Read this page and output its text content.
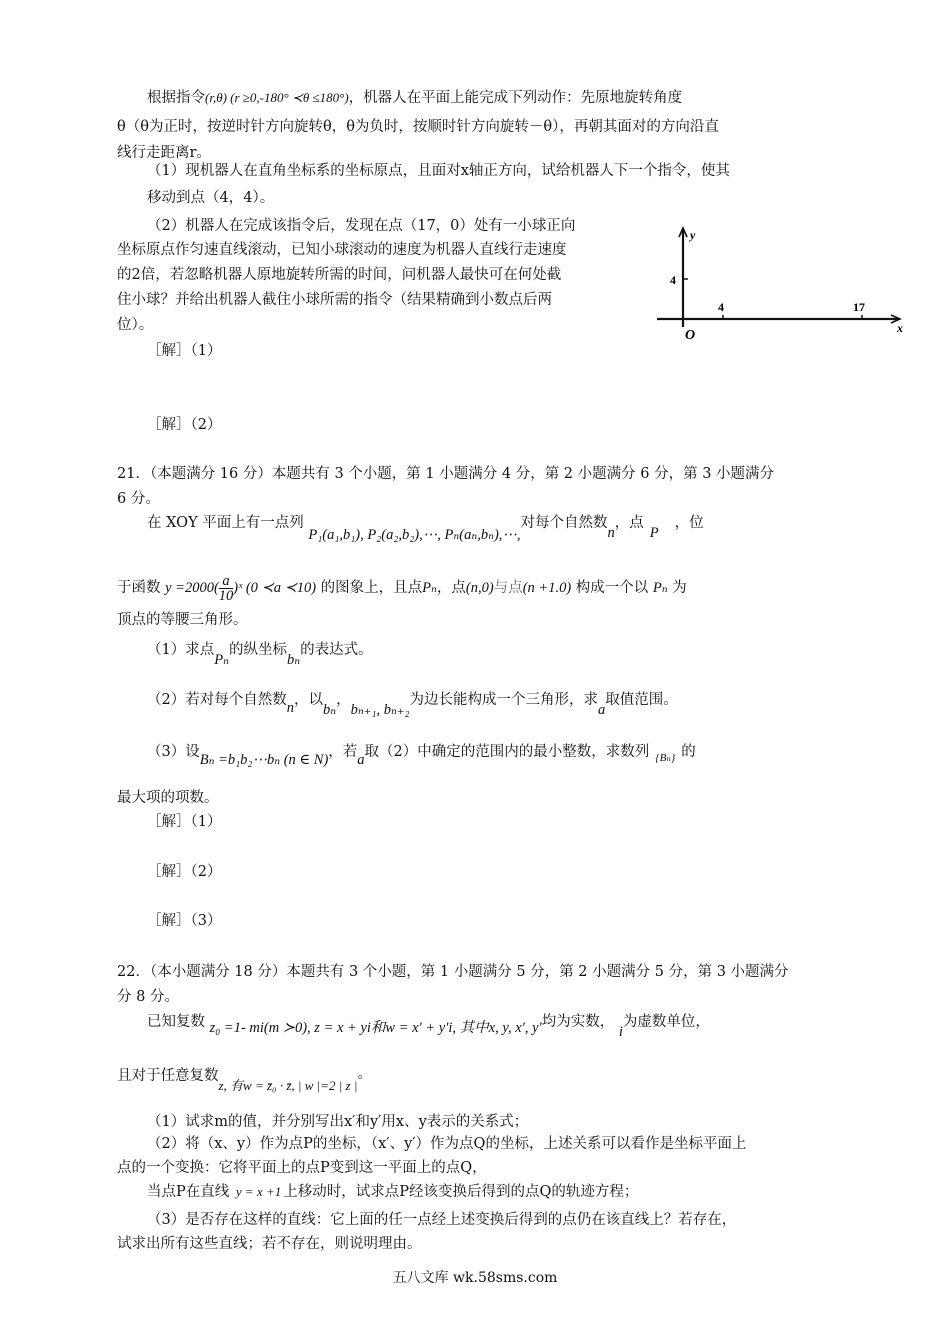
根据指令(r,θ) (r ≥0,-180° ≺θ ≤180°)，机器人在平面上能完成下列动作：先原地旋转角度
θ（θ为正时，按逆时针方向旋转θ，θ为负时，按顺时针方向旋转－θ），再朝其面对的方向沿直
线行走距离r。
（1）现机器人在直角坐标系的坐标原点，且面对x轴正方向，试给机器人下一个指令，使其
移动到点（4，4）。
（2）机器人在完成该指令后，发现在点（17，0）处有一小球正向
坐标原点作匀速直线滚动，已知小球滚动的速度为机器人直线行走速度
的2倍，若忽略机器人原地旋转所需的时间，问机器人最快可在何处截
住小球？并给出机器人截住小球所需的指令（结果精确到小数点后两
位）。
［解］（1）
［解］（2）
y
x
O
4	17
4
21．（本题满分 16 分）本题共有 3 个小题，第 1 小题满分 4 分，第 2 小题满分 6 分，第 3 小题满分
6 分。
在 XOY 平面上有一点列 P₁(a₁,b₁), P₂(a₂,b₂),⋯, Pₙ(aₙ,bₙ),⋯,对每个自然数n，点P，位
于函数 $y =2000( \frac{a}{10}$ )ˣ (0 ≺a ≺10) 的图象上，且点Pₙ，点(n,0)与点(n +1.0) 构成一个以 Pₙ 为
顶点的等腰三角形。
（1）求点Pₙ的纵坐标bₙ的表达式。
（2）若对每个自然数n，以bₙ，bₙ₊₁, bₙ₊₂为边长能构成一个三角形，求a取值范围。
（3）设Bₙ =b₁b₂⋯bₙ (n ∈ N)，若a取（2）中确定的范围内的最小整数，求数列 $_{\{B_n\}}$ 的
最大项的项数。
［解］（1）
［解］（2）
［解］（3）
22．（本小题满分 18 分）本题共有 3 个小题，第 1 小题满分 5 分，第 2 小题满分 5 分，第 3 小题满分
分 8 分。
已知复数 z₀ =1- mi(m ≻0), z = x + yi和w = x′ + y′i, 其中x, y, x′, y′均为实数， i为虚数单位，
且对于任意复数z, 有w = z̄₀ · z̄, | w |=2 | z |。
（1）试求m的值，并分别写出x′和y′用x、y表示的关系式；
（2）将（x、y）作为点P的坐标，（x′、y′）作为点Q的坐标，上述关系可以看作是坐标平面上
点的一个变换：它将平面上的点P变到这一平面上的点Q，
当点P在直线 y = x +1 上移动时，试求点P经该变换后得到的点Q的轨迹方程；
（3）是否存在这样的直线：它上面的任一点经上述变换后得到的点仍在该直线上？若存在，
试求出所有这些直线；若不存在，则说明理由。
五八文库 wk.58sms.com
